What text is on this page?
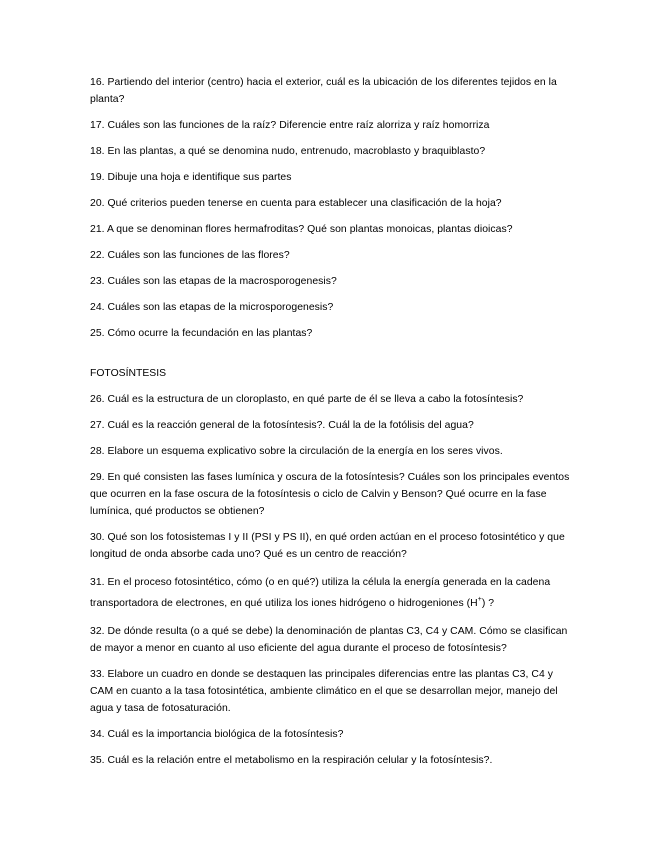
16. Partiendo del interior (centro) hacia el exterior, cuál es la ubicación de los diferentes tejidos en la planta?

17. Cuáles son las funciones de la raíz? Diferencie entre raíz alorriza y raíz homorriza

18. En las plantas, a qué se denomina nudo, entrenudo, macroblasto y braquiblasto?

19. Dibuje una hoja e identifique sus partes

20. Qué criterios pueden tenerse en cuenta para establecer una clasificación de la hoja?

21. A que se denominan flores hermafroditas? Qué son plantas monoicas, plantas dioicas?

22. Cuáles son las funciones de las flores?

23. Cuáles son las etapas de la macrosporogenesis?

24. Cuáles son las etapas de la microsporogenesis?

25. Cómo ocurre la fecundación en las plantas?

FOTOSÍNTESIS

26. Cuál es la estructura de un cloroplasto, en qué parte de él se lleva a cabo la fotosíntesis?

27. Cuál es la reacción general de la fotosíntesis?. Cuál la de la fotólisis del agua?

28. Elabore un esquema explicativo sobre la circulación de la energía en los seres vivos.

29. En qué consisten las fases lumínica y oscura de la fotosíntesis? Cuáles son los principales eventos que ocurren en la fase oscura de la fotosíntesis o ciclo de Calvin y Benson? Qué ocurre en la fase lumínica, qué productos se obtienen?

30. Qué son los fotosistemas I y II (PSI y PS II), en qué orden actúan en el proceso fotosintético y que longitud de onda absorbe cada uno? Qué es un centro de reacción?

31. En el proceso fotosintético, cómo (o en qué?) utiliza la célula la energía generada en la cadena transportadora de electrones, en qué utiliza los iones hidrógeno o hidrogeniones (H+) ?

32. De dónde resulta (o a qué se debe) la denominación de plantas C3, C4 y CAM. Cómo se clasifican de mayor a menor en cuanto al uso eficiente del agua durante el proceso de fotosíntesis?

33. Elabore un cuadro en donde se destaquen las principales diferencias entre las plantas C3, C4 y CAM en cuanto a la tasa fotosintética, ambiente climático en el que se desarrollan mejor, manejo del agua y tasa de fotosaturación.

34. Cuál es la importancia biológica de la fotosíntesis?

35. Cuál es la relación entre el metabolismo en la respiración celular y la fotosíntesis?.
